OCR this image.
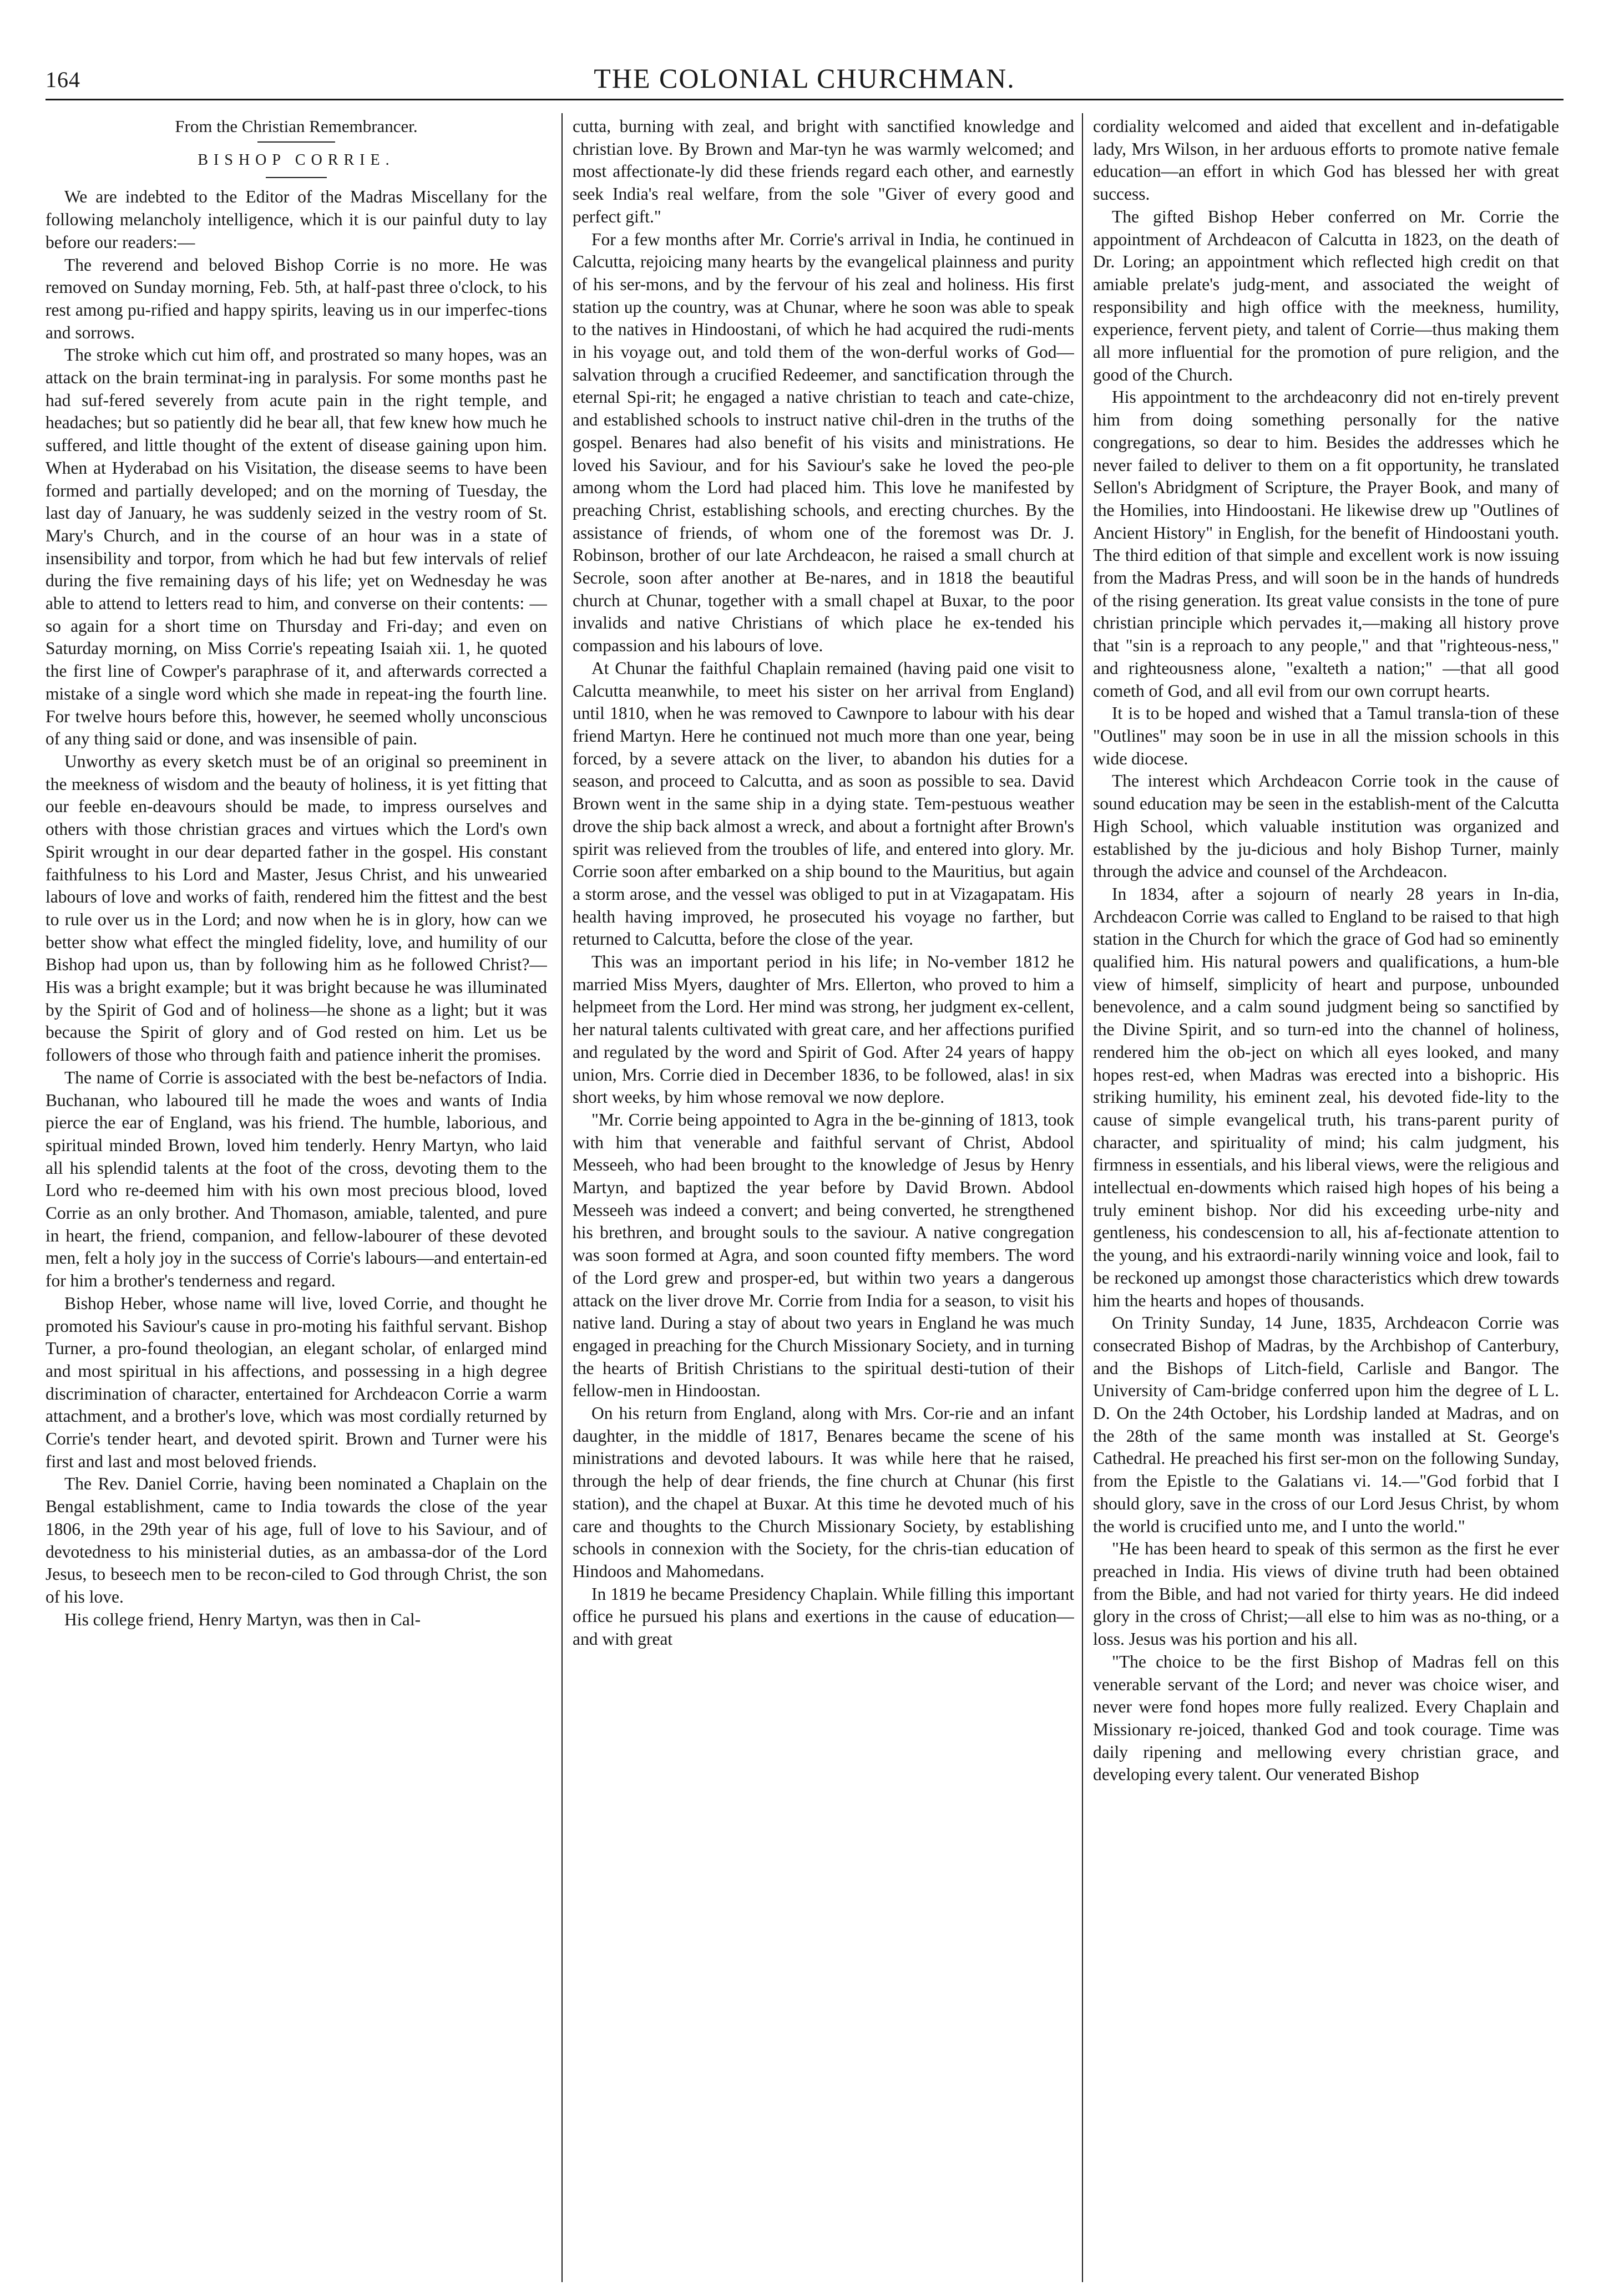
164	THE COLONIAL CHURCHMAN.
From the Christian Remembrancer.
BISHOP CORRIE.

We are indebted to the Editor of the Madras Miscellany for the following melancholy intelligence, which it is our painful duty to lay before our readers:—

The reverend and beloved Bishop Corrie is no more. He was removed on Sunday morning, Feb. 5th, at half-past three o'clock, to his rest among pu-rified and happy spirits, leaving us in our imperfec-tions and sorrows.

The stroke which cut him off, and prostrated so many hopes, was an attack on the brain terminat-ing in paralysis. For some months past he had suf-fered severely from acute pain in the right temple, and headaches; but so patiently did he bear all, that few knew how much he suffered, and little thought of the extent of disease gaining upon him. When at Hyderabad on his Visitation, the disease seems to have been formed and partially developed; and on the morning of Tuesday, the last day of January, he was suddenly seized in the vestry room of St. Mary's Church, and in the course of an hour was in a state of insensibility and torpor, from which he had but few intervals of relief during the five remaining days of his life; yet on Wednesday he was able to attend to letters read to him, and converse on their contents: —so again for a short time on Thursday and Fri-day; and even on Saturday morning, on Miss Corrie's repeating Isaiah xii. 1, he quoted the first line of Cowper's paraphrase of it, and afterwards corrected a mistake of a single word which she made in repeat-ing the fourth line. For twelve hours before this, however, he seemed wholly unconscious of any thing said or done, and was insensible of pain.

Unworthy as every sketch must be of an original so preeminent in the meekness of wisdom and the beauty of holiness, it is yet fitting that our feeble en-deavours should be made, to impress ourselves and others with those christian graces and virtues which the Lord's own Spirit wrought in our dear departed father in the gospel. His constant faithfulness to his Lord and Master, Jesus Christ, and his unwearied labours of love and works of faith, rendered him the fittest and the best to rule over us in the Lord; and now when he is in glory, how can we better show what effect the mingled fidelity, love, and humility of our Bishop had upon us, than by following him as he followed Christ?—His was a bright example; but it was bright because he was illuminated by the Spirit of God and of holiness—he shone as a light; but it was because the Spirit of glory and of God rested on him. Let us be followers of those who through faith and patience inherit the promises.

The name of Corrie is associated with the best be-nefactors of India. Buchanan, who laboured till he made the woes and wants of India pierce the ear of England, was his friend. The humble, laborious, and spiritual minded Brown, loved him tenderly. Henry Martyn, who laid all his splendid talents at the foot of the cross, devoting them to the Lord who re-deemed him with his own most precious blood, loved Corrie as an only brother. And Thomason, amiable, talented, and pure in heart, the friend, companion, and fellow-labourer of these devoted men, felt a holy joy in the success of Corrie's labours—and entertain-ed for him a brother's tenderness and regard.

Bishop Heber, whose name will live, loved Corrie, and thought he promoted his Saviour's cause in pro-moting his faithful servant. Bishop Turner, a pro-found theologian, an elegant scholar, of enlarged mind and most spiritual in his affections, and possessing in a high degree discrimination of character, entertained for Archdeacon Corrie a warm attachment, and a brother's love, which was most cordially returned by Corrie's tender heart, and devoted spirit. Brown and Turner were his first and last and most beloved friends.

The Rev. Daniel Corrie, having been nominated a Chaplain on the Bengal establishment, came to India towards the close of the year 1806, in the 29th year of his age, full of love to his Saviour, and of devotedness to his ministerial duties, as an ambassa-dor of the Lord Jesus, to beseech men to be recon-ciled to God through Christ, the son of his love.

His college friend, Henry Martyn, was then in Cal-

cutta, burning with zeal, and bright with sanctified knowledge and christian love. By Brown and Mar-tyn he was warmly welcomed; and most affectionate-ly did these friends regard each other, and earnestly seek India's real welfare, from the sole "Giver of every good and perfect gift."

For a few months after Mr. Corrie's arrival in India, he continued in Calcutta, rejoicing many hearts by the evangelical plainness and purity of his ser-mons, and by the fervour of his zeal and holiness. His first station up the country, was at Chunar, where he soon was able to speak to the natives in Hindoostani, of which he had acquired the rudi-ments in his voyage out, and told them of the won-derful works of God—salvation through a crucified Redeemer, and sanctification through the eternal Spi-rit; he engaged a native christian to teach and cate-chize, and established schools to instruct native chil-dren in the truths of the gospel. Benares had also benefit of his visits and ministrations. He loved his Saviour, and for his Saviour's sake he loved the peo-ple among whom the Lord had placed him. This love he manifested by preaching Christ, establishing schools, and erecting churches. By the assistance of friends, of whom one of the foremost was Dr. J. Robinson, brother of our late Archdeacon, he raised a small church at Secrole, soon after another at Be-nares, and in 1818 the beautiful church at Chunar, together with a small chapel at Buxar, to the poor invalids and native Christians of which place he ex-tended his compassion and his labours of love.

At Chunar the faithful Chaplain remained (having paid one visit to Calcutta meanwhile, to meet his sister on her arrival from England) until 1810, when he was removed to Cawnpore to labour with his dear friend Martyn. Here he continued not much more than one year, being forced, by a severe attack on the liver, to abandon his duties for a season, and proceed to Calcutta, and as soon as possible to sea. David Brown went in the same ship in a dying state. Tem-pestuous weather drove the ship back almost a wreck, and about a fortnight after Brown's spirit was relieved from the troubles of life, and entered into glory. Mr. Corrie soon after embarked on a ship bound to the Mauritius, but again a storm arose, and the vessel was obliged to put in at Vizagapatam. His health having improved, he prosecuted his voyage no farther, but returned to Calcutta, before the close of the year.

This was an important period in his life; in No-vember 1812 he married Miss Myers, daughter of Mrs. Ellerton, who proved to him a helpmeet from the Lord. Her mind was strong, her judgment ex-cellent, her natural talents cultivated with great care, and her affections purified and regulated by the word and Spirit of God. After 24 years of happy union, Mrs. Corrie died in December 1836, to be followed, alas! in six short weeks, by him whose removal we now deplore.

"Mr. Corrie being appointed to Agra in the be-ginning of 1813, took with him that venerable and faithful servant of Christ, Abdool Messeeh, who had been brought to the knowledge of Jesus by Henry Martyn, and baptized the year before by David Brown. Abdool Messeeh was indeed a convert; and being converted, he strengthened his brethren, and brought souls to the saviour. A native congregation was soon formed at Agra, and soon counted fifty members. The word of the Lord grew and prosper-ed, but within two years a dangerous attack on the liver drove Mr. Corrie from India for a season, to visit his native land. During a stay of about two years in England he was much engaged in preaching for the Church Missionary Society, and in turning the hearts of British Christians to the spiritual desti-tution of their fellow-men in Hindoostan.

On his return from England, along with Mrs. Cor-rie and an infant daughter, in the middle of 1817, Benares became the scene of his ministrations and devoted labours. It was while here that he raised, through the help of dear friends, the fine church at Chunar (his first station), and the chapel at Buxar. At this time he devoted much of his care and thoughts to the Church Missionary Society, by establishing schools in connexion with the Society, for the chris-tian education of Hindoos and Mahomedans.

In 1819 he became Presidency Chaplain. While filling this important office he pursued his plans and exertions in the cause of education—and with great

cordiality welcomed and aided that excellent and in-defatigable lady, Mrs Wilson, in her arduous efforts to promote native female education—an effort in which God has blessed her with great success.

The gifted Bishop Heber conferred on Mr. Corrie the appointment of Archdeacon of Calcutta in 1823, on the death of Dr. Loring; an appointment which reflected high credit on that amiable prelate's judg-ment, and associated the weight of responsibility and high office with the meekness, humility, experience, fervent piety, and talent of Corrie—thus making them all more influential for the promotion of pure religion, and the good of the Church.

His appointment to the archdeaconry did not en-tirely prevent him from doing something personally for the native congregations, so dear to him. Besides the addresses which he never failed to deliver to them on a fit opportunity, he translated Sellon's Abridgment of Scripture, the Prayer Book, and many of the Homilies, into Hindoostani. He likewise drew up "Outlines of Ancient History" in English, for the benefit of Hindoostani youth. The third edition of that simple and excellent work is now issuing from the Madras Press, and will soon be in the hands of hundreds of the rising generation. Its great value consists in the tone of pure christian principle which pervades it,—making all history prove that "sin is a reproach to any people," and that "righteous-ness," and righteousness alone, "exalteth a nation;" —that all good cometh of God, and all evil from our own corrupt hearts.

It is to be hoped and wished that a Tamul transla-tion of these "Outlines" may soon be in use in all the mission schools in this wide diocese.

The interest which Archdeacon Corrie took in the cause of sound education may be seen in the establish-ment of the Calcutta High School, which valuable institution was organized and established by the ju-dicious and holy Bishop Turner, mainly through the advice and counsel of the Archdeacon.

In 1834, after a sojourn of nearly 28 years in In-dia, Archdeacon Corrie was called to England to be raised to that high station in the Church for which the grace of God had so eminently qualified him. His natural powers and qualifications, a hum-ble view of himself, simplicity of heart and purpose, unbounded benevolence, and a calm sound judgment being so sanctified by the Divine Spirit, and so turn-ed into the channel of holiness, rendered him the ob-ject on which all eyes looked, and many hopes rest-ed, when Madras was erected into a bishopric. His striking humility, his eminent zeal, his devoted fide-lity to the cause of simple evangelical truth, his trans-parent purity of character, and spirituality of mind; his calm judgment, his firmness in essentials, and his liberal views, were the religious and intellectual en-dowments which raised high hopes of his being a truly eminent bishop. Nor did his exceeding urbe-nity and gentleness, his condescension to all, his af-fectionate attention to the young, and his extraordi-narily winning voice and look, fail to be reckoned up amongst those characteristics which drew towards him the hearts and hopes of thousands.

On Trinity Sunday, 14 June, 1835, Archdeacon Corrie was consecrated Bishop of Madras, by the Archbishop of Canterbury, and the Bishops of Litch-field, Carlisle and Bangor. The University of Cam-bridge conferred upon him the degree of L L. D. On the 24th October, his Lordship landed at Madras, and on the 28th of the same month was installed at St. George's Cathedral. He preached his first ser-mon on the following Sunday, from the Epistle to the Galatians vi. 14.—"God forbid that I should glory, save in the cross of our Lord Jesus Christ, by whom the world is crucified unto me, and I unto the world."

"He has been heard to speak of this sermon as the first he ever preached in India. His views of divine truth had been obtained from the Bible, and had not varied for thirty years. He did indeed glory in the cross of Christ;—all else to him was as no-thing, or a loss. Jesus was his portion and his all.

"The choice to be the first Bishop of Madras fell on this venerable servant of the Lord; and never was choice wiser, and never were fond hopes more fully realized. Every Chaplain and Missionary re-joiced, thanked God and took courage. Time was daily ripening and mellowing every christian grace, and developing every talent. Our venerated Bishop
